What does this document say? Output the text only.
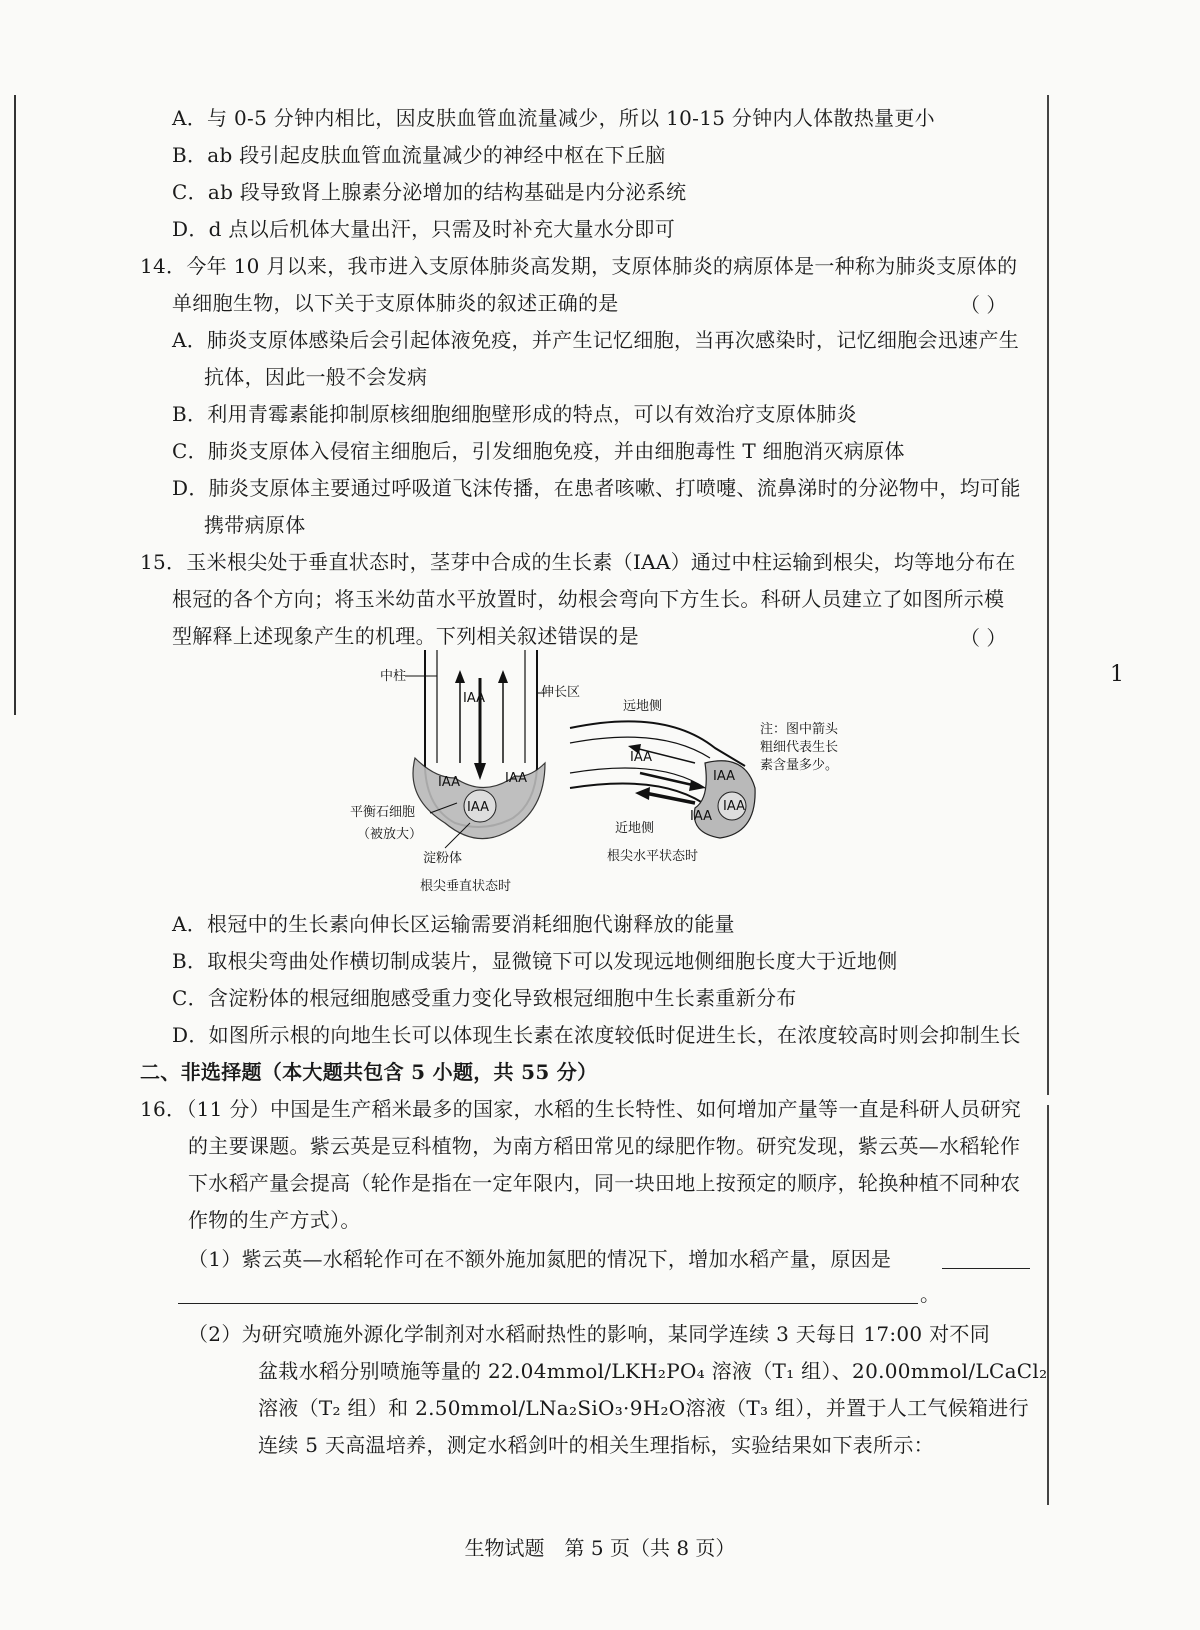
1
A．与 0-5 分钟内相比，因皮肤血管血流量减少，所以 10-15 分钟内人体散热量更小
B．ab 段引起皮肤血管血流量减少的神经中枢在下丘脑
C．ab 段导致肾上腺素分泌增加的结构基础是内分泌系统
D．d 点以后机体大量出汗，只需及时补充大量水分即可
14．今年 10 月以来，我市进入支原体肺炎高发期，支原体肺炎的病原体是一种称为肺炎支原体的
单细胞生物，以下关于支原体肺炎的叙述正确的是	（ ）
A．肺炎支原体感染后会引起体液免疫，并产生记忆细胞，当再次感染时，记忆细胞会迅速产生
抗体，因此一般不会发病
B．利用青霉素能抑制原核细胞细胞壁形成的特点，可以有效治疗支原体肺炎
C．肺炎支原体入侵宿主细胞后，引发细胞免疫，并由细胞毒性 T 细胞消灭病原体
D．肺炎支原体主要通过呼吸道飞沫传播，在患者咳嗽、打喷嚏、流鼻涕时的分泌物中，均可能
携带病原体
15．玉米根尖处于垂直状态时，茎芽中合成的生长素（IAA）通过中柱运输到根尖，均等地分布在
根冠的各个方向；将玉米幼苗水平放置时，幼根会弯向下方生长。科研人员建立了如图所示模
型解释上述现象产生的机理。下列相关叙述错误的是	（ ）
IAA
IAA	IAA
IAA
中柱
伸长区
平衡石细胞
（被放大）
淀粉体
根尖垂直状态时
IAA
IAA
IAA
IAA
远地侧
近地侧
根尖水平状态时
注：图中箭头
粗细代表生长
素含量多少。
A．根冠中的生长素向伸长区运输需要消耗细胞代谢释放的能量
B．取根尖弯曲处作横切制成装片，显微镜下可以发现远地侧细胞长度大于近地侧
C．含淀粉体的根冠细胞感受重力变化导致根冠细胞中生长素重新分布
D．如图所示根的向地生长可以体现生长素在浓度较低时促进生长，在浓度较高时则会抑制生长
二、非选择题（本大题共包含 5 小题，共 55 分）
16．（11 分）中国是生产稻米最多的国家，水稻的生长特性、如何增加产量等一直是科研人员研究
的主要课题。紫云英是豆科植物，为南方稻田常见的绿肥作物。研究发现，紫云英—水稻轮作
下水稻产量会提高（轮作是指在一定年限内，同一块田地上按预定的顺序，轮换种植不同种农
作物的生产方式）。
（1）紫云英—水稻轮作可在不额外施加氮肥的情况下，增加水稻产量，原因是
。
（2）为研究喷施外源化学制剂对水稻耐热性的影响，某同学连续 3 天每日 17:00 对不同
盆栽水稻分别喷施等量的 22.04mmol/LKH₂PO₄ 溶液（T₁ 组）、20.00mmol/LCaCl₂
溶液（T₂ 组）和 2.50mmol/LNa₂SiO₃·9H₂O溶液（T₃ 组），并置于人工气候箱进行
连续 5 天高温培养，测定水稻剑叶的相关生理指标，实验结果如下表所示：
生物试题　第 5 页（共 8 页）
